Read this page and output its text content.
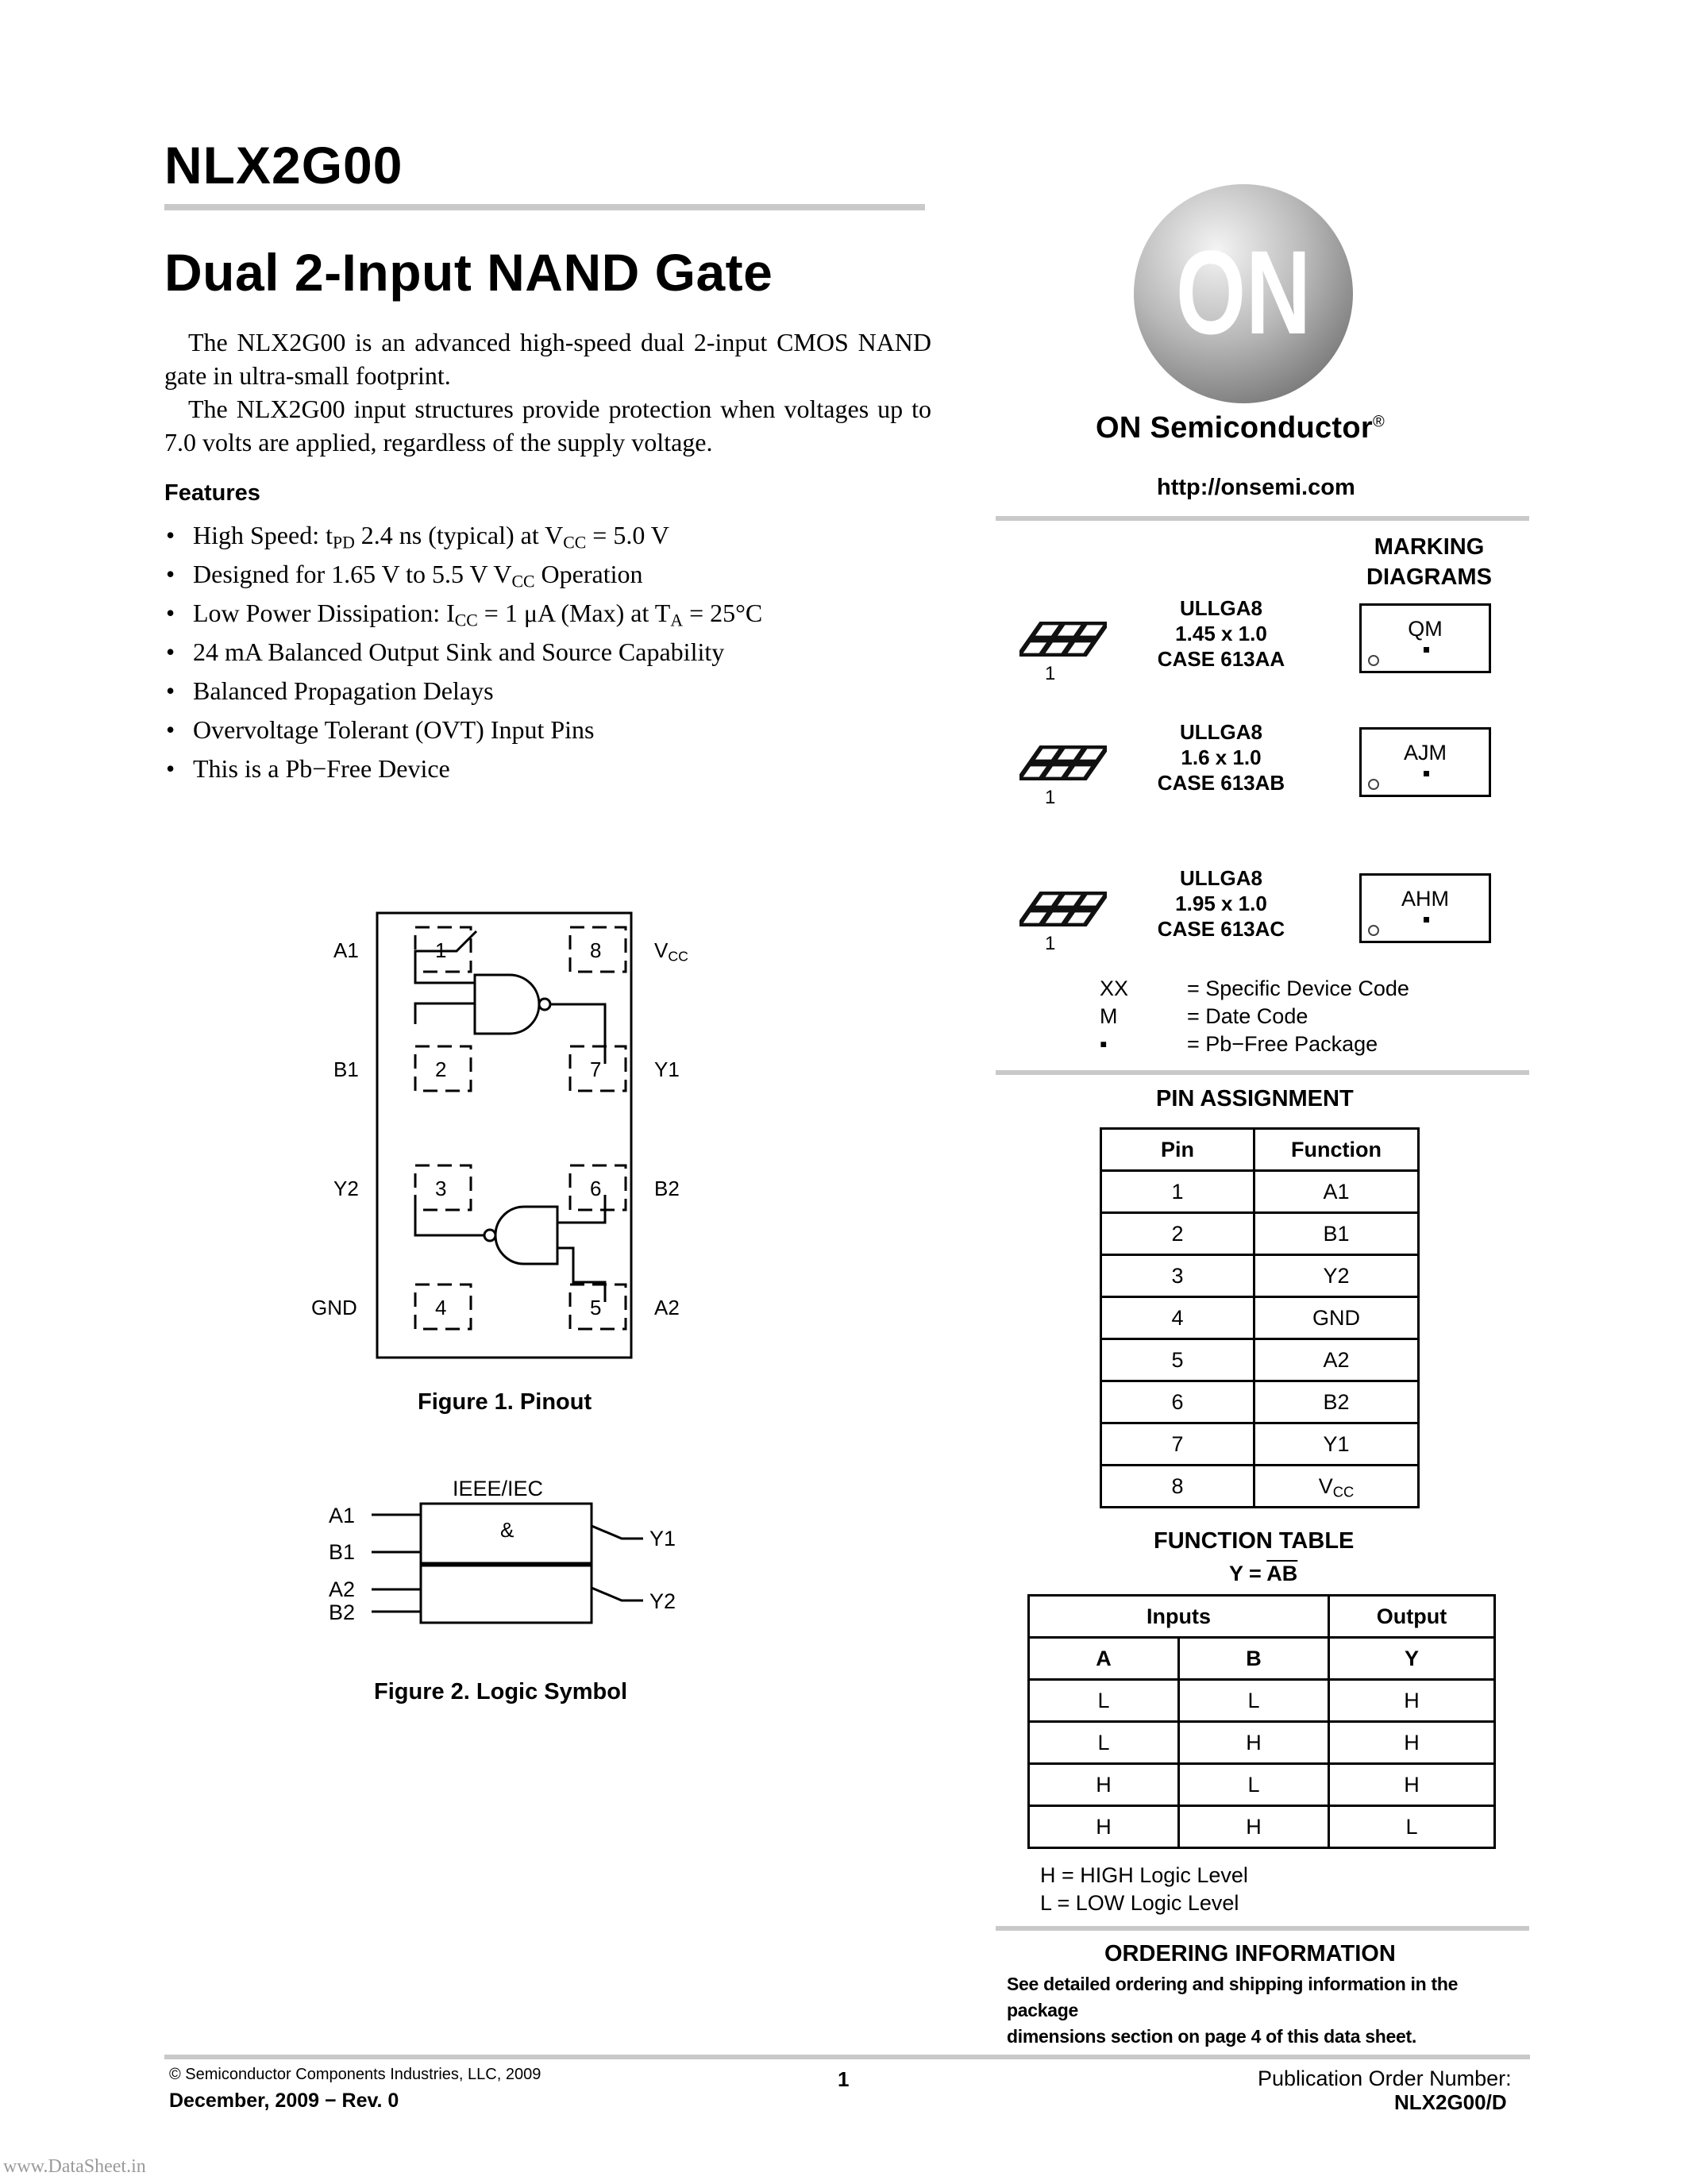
NLX2G00
Dual 2-Input NAND Gate

The NLX2G00 is an advanced high-speed dual 2-input CMOS NAND gate in ultra-small footprint.

The NLX2G00 input structures provide protection when voltages up to 7.0 volts are applied, regardless of the supply voltage.

Features
• High Speed: $t_{PD}$ 2.4 ns (typical) at $V_{CC} = 5.0$ V
• Designed for 1.65 V to 5.5 V $V_{CC}$ Operation
• Low Power Dissipation: $I_{CC} = 1$ μA (Max) at $T_A = 25^\circ C$
• 24 mA Balanced Output Sink and Source Capability
• Balanced Propagation Delays
• Overvoltage Tolerant (OVT) Input Pins
• This is a Pb−Free Device
1	8
2	7
3	6
4	5
A1
B1
Y2
GND
$V_{CC}$
Y1
B2
A2
Figure 1. Pinout
IEEE/IEC
&
A1
B1
A2
B2
Y1
Y2
Figure 2. Logic Symbol
ON
ON Semiconductor®
http://onsemi.com
MARKING
DIAGRAMS
1
ULLGA8
1.45 x 1.0
CASE 613AA
QM
1
ULLGA8
1.6 x 1.0
CASE 613AB
AJM
1
ULLGA8
1.95 x 1.0
CASE 613AC
AHM
XX	= Specific Device Code
M	= Date Code
▪	= Pb−Free Package
PIN ASSIGNMENT
Pin	Function
1	A1
2	B1
3	Y2
4	GND
5	A2
6	B2
7	Y1
8	$V_{CC}$
FUNCTION TABLE
$Y = \overline{AB}$
Inputs		Output
A	B	Y
L	L	H
L	H	H
H	L	H
H	H	L
H = HIGH Logic Level
L = LOW Logic Level
ORDERING INFORMATION
See detailed ordering and shipping information in the package
dimensions section on page 4 of this data sheet.
© Semiconductor Components Industries, LLC, 2009
December, 2009 − Rev. 0
1	Publication Order Number:
NLX2G00/D
www.DataSheet.in
